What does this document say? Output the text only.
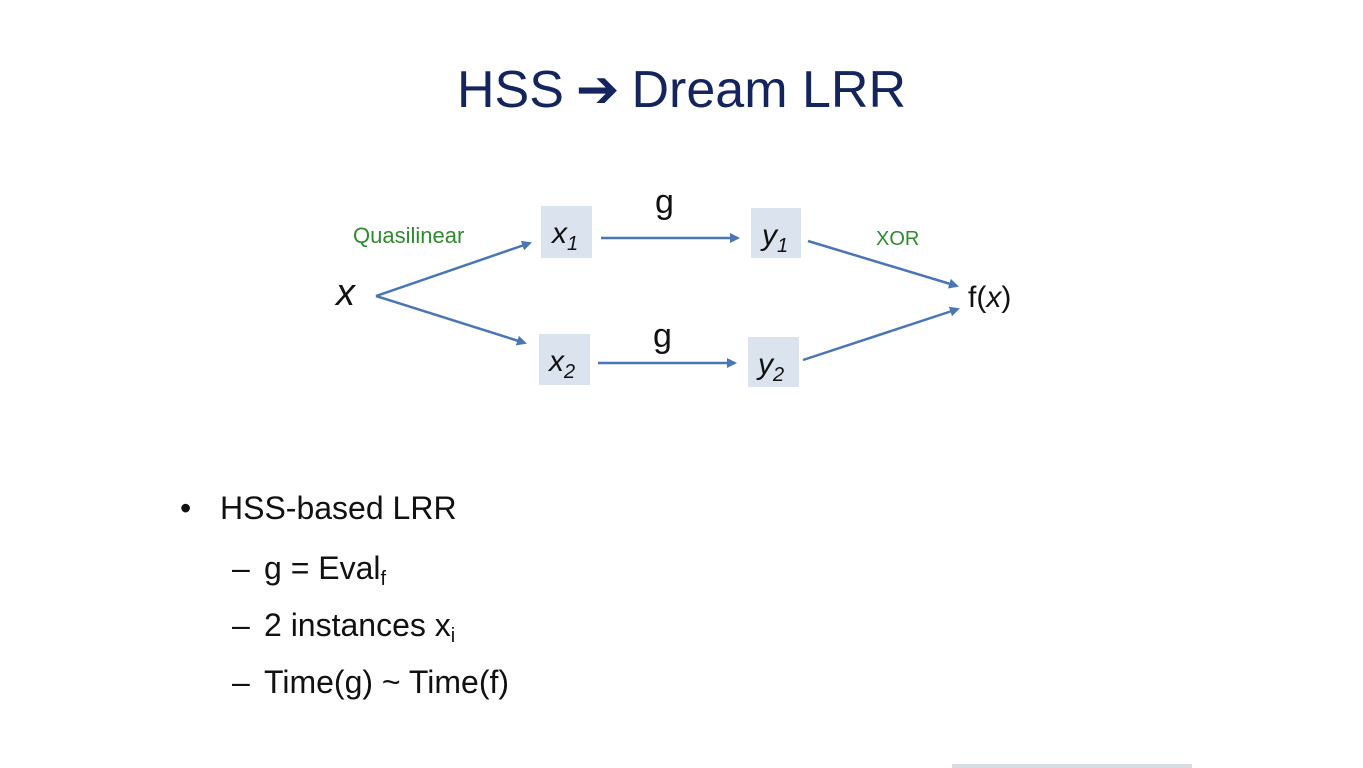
HSS ➔ Dream LRR
x
Quasilinear	XOR
g
g
$x_1$	$y_1$
$x_2$	$y_2$
f(x)
• HSS-based LRR
– g = Eval$_f$
– 2 instances $x_i$
– Time(g) ~ Time(f)
